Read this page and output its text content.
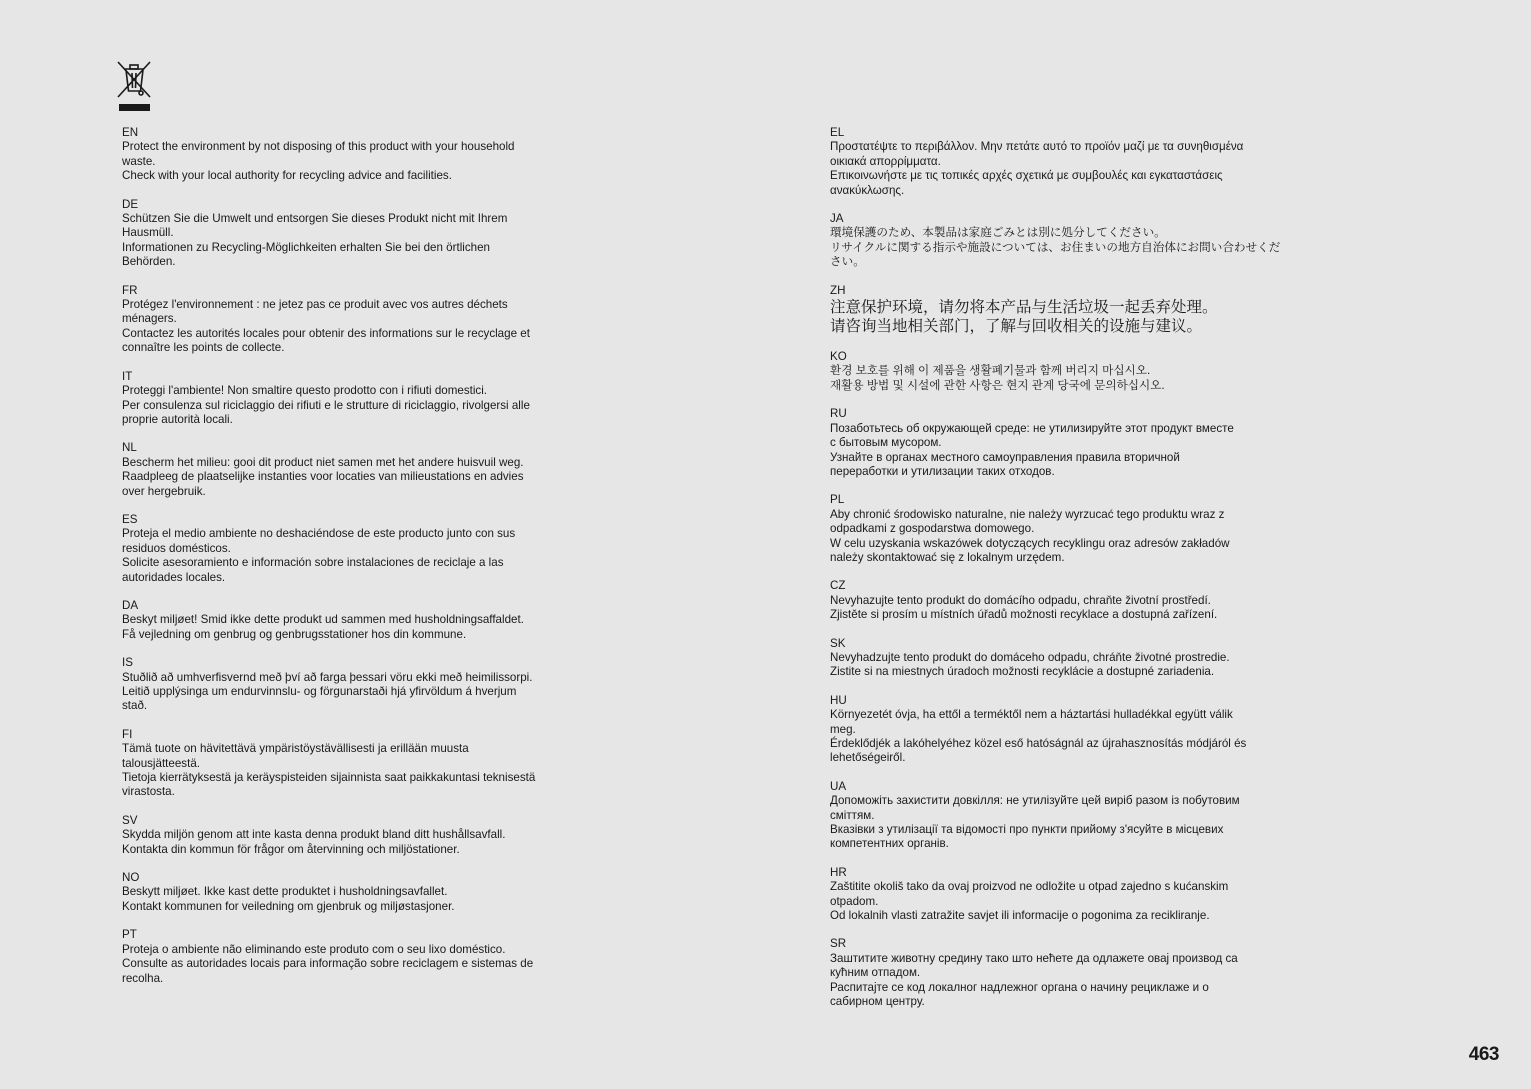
EN
Protect the environment by not disposing of this product with your household
waste.
Check with your local authority for recycling advice and facilities.
DE
Schützen Sie die Umwelt und entsorgen Sie dieses Produkt nicht mit Ihrem
Hausmüll.
Informationen zu Recycling-Möglichkeiten erhalten Sie bei den örtlichen
Behörden.
FR
Protégez l'environnement : ne jetez pas ce produit avec vos autres déchets
ménagers.
Contactez les autorités locales pour obtenir des informations sur le recyclage et
connaître les points de collecte.
IT
Proteggi l'ambiente! Non smaltire questo prodotto con i rifiuti domestici.
Per consulenza sul riciclaggio dei rifiuti e le strutture di riciclaggio, rivolgersi alle
proprie autorità locali.
NL
Bescherm het milieu: gooi dit product niet samen met het andere huisvuil weg.
Raadpleeg de plaatselijke instanties voor locaties van milieustations en advies
over hergebruik.
ES
Proteja el medio ambiente no deshaciéndose de este producto junto con sus
residuos domésticos.
Solicite asesoramiento e información sobre instalaciones de reciclaje a las
autoridades locales.
DA
Beskyt miljøet! Smid ikke dette produkt ud sammen med husholdningsaffaldet.
Få vejledning om genbrug og genbrugsstationer hos din kommune.
IS
Stuðlið að umhverfisvernd með því að farga þessari vöru ekki með heimilissorpi.
Leitið upplýsinga um endurvinnslu- og förgunarstaði hjá yfirvöldum á hverjum
stað.
FI
Tämä tuote on hävitettävä ympäristöystävällisesti ja erillään muusta
talousjätteestä.
Tietoja kierrätyksestä ja keräyspisteiden sijainnista saat paikkakuntasi teknisestä
virastosta.
SV
Skydda miljön genom att inte kasta denna produkt bland ditt hushållsavfall.
Kontakta din kommun för frågor om återvinning och miljöstationer.
NO
Beskytt miljøet. Ikke kast dette produktet i husholdningsavfallet.
Kontakt kommunen for veiledning om gjenbruk og miljøstasjoner.
PT
Proteja o ambiente não eliminando este produto com o seu lixo doméstico.
Consulte as autoridades locais para informação sobre reciclagem e sistemas de
recolha.
EL
Προστατέψτε το περιβάλλον. Μην πετάτε αυτό το προϊόν μαζί με τα συνηθισμένα
οικιακά απορρίμματα.
Επικοινωνήστε με τις τοπικές αρχές σχετικά με συμβουλές και εγκαταστάσεις
ανακύκλωσης.
JA
環境保護のため、本製品は家庭ごみとは別に処分してください。
リサイクルに関する指示や施設については、お住まいの地方自治体にお問い合わせくだ
さい。
ZH
注意保护环境，请勿将本产品与生活垃圾一起丢弃处理。
请咨询当地相关部门，了解与回收相关的设施与建议。
KO
환경 보호를 위해 이 제품을 생활폐기물과 함께 버리지 마십시오.
재활용 방법 및 시설에 관한 사항은 현지 관계 당국에 문의하십시오.
RU
Позаботьтесь об окружающей среде: не утилизируйте этот продукт вместе
с бытовым мусором.
Узнайте в органах местного самоуправления правила вторичной
переработки и утилизации таких отходов.
PL
Aby chronić środowisko naturalne, nie należy wyrzucać tego produktu wraz z
odpadkami z gospodarstwa domowego.
W celu uzyskania wskazówek dotyczących recyklingu oraz adresów zakładów
należy skontaktować się z lokalnym urzędem.
CZ
Nevyhazujte tento produkt do domácího odpadu, chraňte životní prostředí.
Zjistěte si prosím u místních úřadů možnosti recyklace a dostupná zařízení.
SK
Nevyhadzujte tento produkt do domáceho odpadu, chráňte životné prostredie.
Zistite si na miestnych úradoch možnosti recyklácie a dostupné zariadenia.
HU
Környezetét óvja, ha ettől a terméktől nem a háztartási hulladékkal együtt válik
meg.
Érdeklődjék a lakóhelyéhez közel eső hatóságnál az újrahasznosítás módjáról és
lehetőségeiről.
UA
Допоможіть захистити довкілля: не утилізуйте цей виріб разом із побутовим
сміттям.
Вказівки з утилізації та відомості про пункти прийому з'ясуйте в місцевих
компетентних органів.
HR
Zaštitite okoliš tako da ovaj proizvod ne odložite u otpad zajedno s kućanskim
otpadom.
Od lokalnih vlasti zatražite savjet ili informacije o pogonima za recikliranje.
SR
Заштитите животну средину тако што нећете да одлажете овај производ са
кућним отпадом.
Распитајте се код локалног надлежног органа о начину рециклаже и о
сабирном центру.
463
